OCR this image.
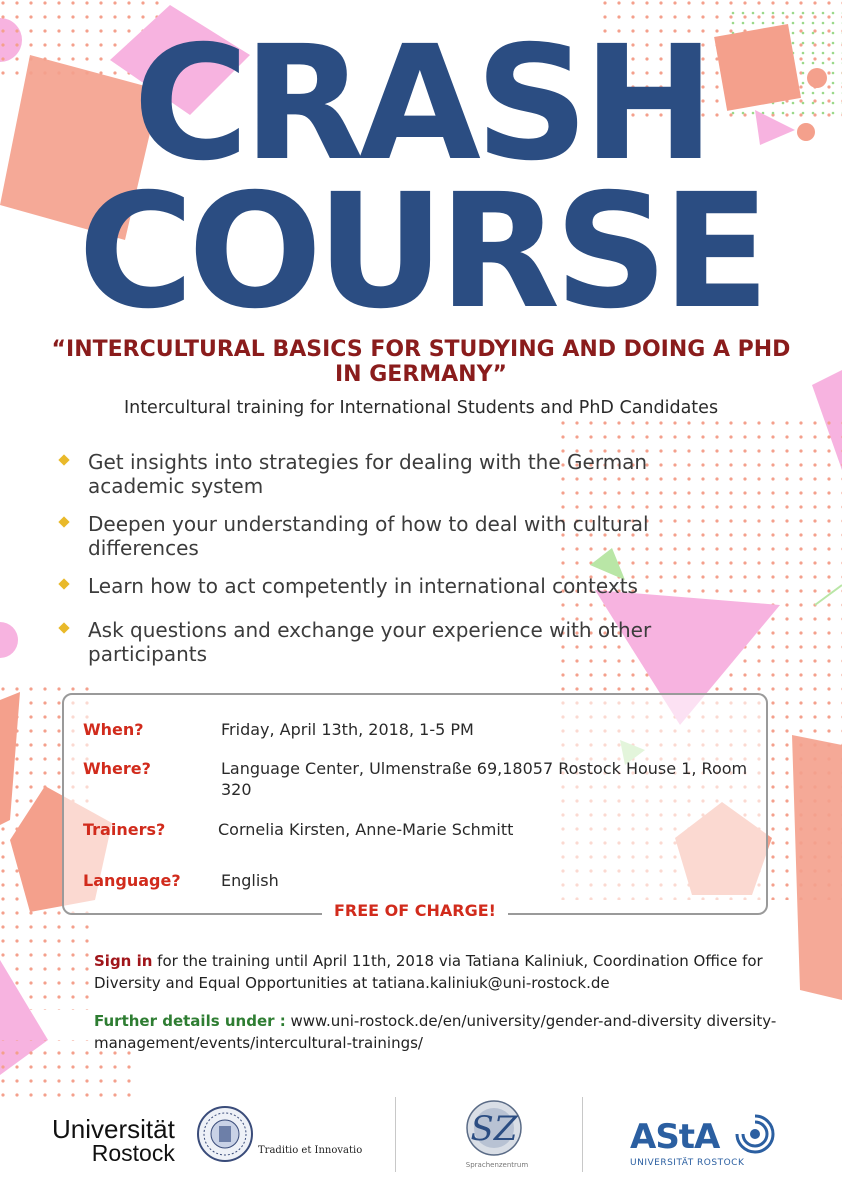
CRASH
COURSE
“INTERCULTURAL BASICS FOR STUDYING AND DOING A PHD IN GERMANY”
Intercultural training for International Students and PhD Candidates
Get insights into strategies for dealing with the German academic system
Deepen your understanding of how to deal with cultural differences
Learn how to act competently in international contexts
Ask questions and exchange your experience with other participants
When?	Friday, April 13th, 2018, 1-5 PM
Where?	Language Center, Ulmenstraße 69,18057 Rostock House 1, Room 320
Trainers?	Cornelia Kirsten, Anne-Marie Schmitt
Language?	English
FREE OF CHARGE!
Sign in for the training until April 11th, 2018 via Tatiana Kaliniuk, Coordination Office for Diversity and Equal Opportunities at tatiana.kaliniuk@uni-rostock.de
Further details under : www.uni-rostock.de/en/university/gender-and-diversity diversity-management/events/intercultural-trainings/
Universität
Rostock	Traditio et Innovatio
SZ
Sprachenzentrum
AStA
UNIVERSITÄT ROSTOCK
